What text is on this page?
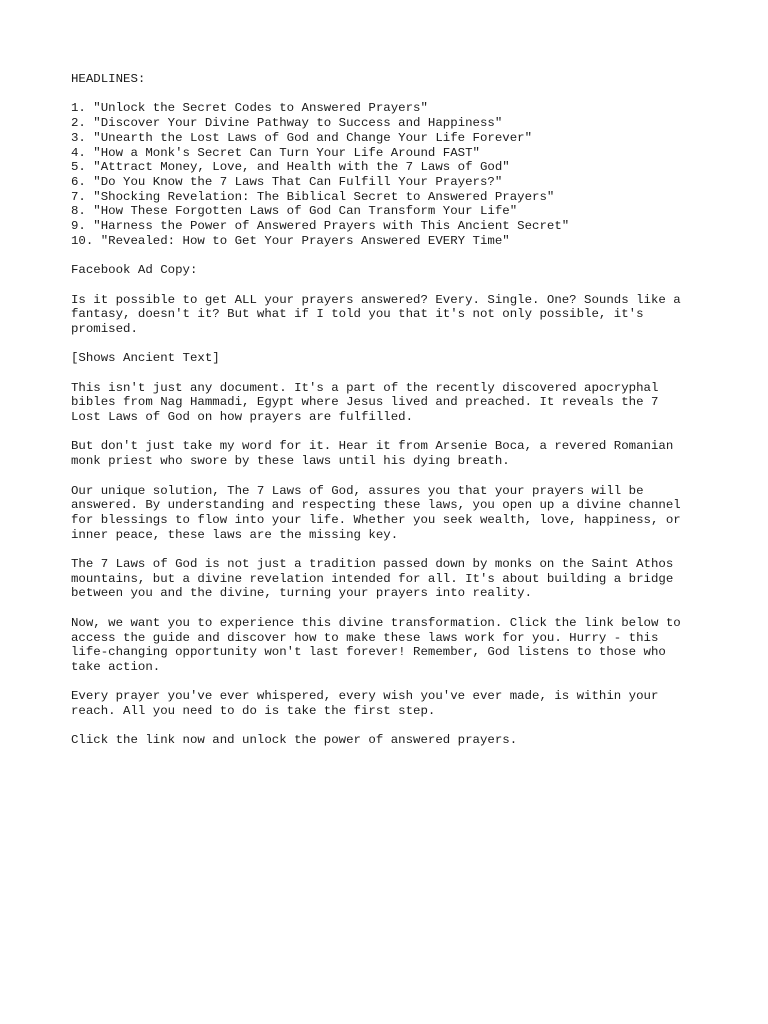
HEADLINES:
1. "Unlock the Secret Codes to Answered Prayers"
2. "Discover Your Divine Pathway to Success and Happiness"
3. "Unearth the Lost Laws of God and Change Your Life Forever"
4. "How a Monk's Secret Can Turn Your Life Around FAST"
5. "Attract Money, Love, and Health with the 7 Laws of God"
6. "Do You Know the 7 Laws That Can Fulfill Your Prayers?"
7. "Shocking Revelation: The Biblical Secret to Answered Prayers"
8. "How These Forgotten Laws of God Can Transform Your Life"
9. "Harness the Power of Answered Prayers with This Ancient Secret"
10. "Revealed: How to Get Your Prayers Answered EVERY Time"
Facebook Ad Copy:
Is it possible to get ALL your prayers answered? Every. Single. One? Sounds like a
fantasy, doesn't it? But what if I told you that it's not only possible, it's
promised.
[Shows Ancient Text]
This isn't just any document. It's a part of the recently discovered apocryphal
bibles from Nag Hammadi, Egypt where Jesus lived and preached. It reveals the 7
Lost Laws of God on how prayers are fulfilled.
But don't just take my word for it. Hear it from Arsenie Boca, a revered Romanian
monk priest who swore by these laws until his dying breath.
Our unique solution, The 7 Laws of God, assures you that your prayers will be
answered. By understanding and respecting these laws, you open up a divine channel
for blessings to flow into your life. Whether you seek wealth, love, happiness, or
inner peace, these laws are the missing key.
The 7 Laws of God is not just a tradition passed down by monks on the Saint Athos
mountains, but a divine revelation intended for all. It's about building a bridge
between you and the divine, turning your prayers into reality.
Now, we want you to experience this divine transformation. Click the link below to
access the guide and discover how to make these laws work for you. Hurry - this
life-changing opportunity won't last forever! Remember, God listens to those who
take action.
Every prayer you've ever whispered, every wish you've ever made, is within your
reach. All you need to do is take the first step.
Click the link now and unlock the power of answered prayers.
